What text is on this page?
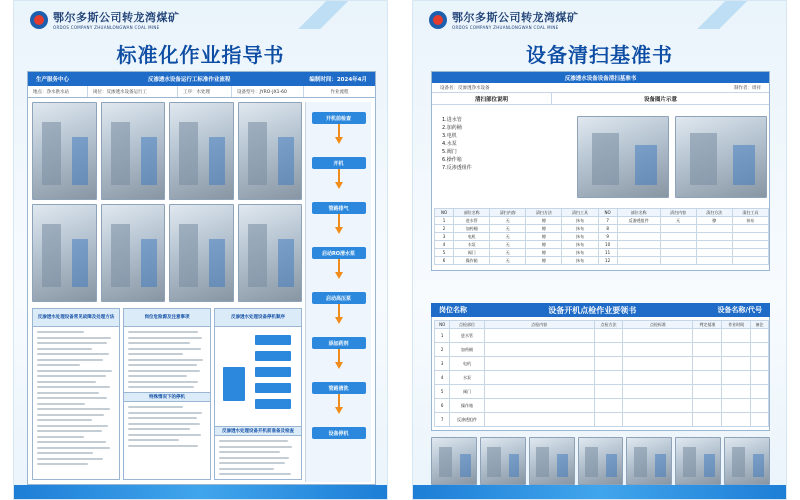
鄂尔多斯公司转龙湾煤矿
ORDOS COMPANY ZHUANLONGWAN COAL MINE
标准化作业指导书
生产服务中心	反渗透水设备运行工标准作业流程	编制时间：2024年4月
地点：净水供水站	岗位：反渗透水设备运行工	工序：水处理	设备型号：JYRO-JX1-60	作业流程
开机前检查
开机
管路排气
启动RO清水泵
启动高压泵
添加药剂
管路清洗
设备停机
反渗透水处理设备常见故障及处理方法	岗位危险源及注意事项
特殊情况下的停机
反渗透水处理设备停机顺序
反渗透水处理设备开机前准备及检查
鄂尔多斯公司转龙湾煤矿
ORDOS COMPANY ZHUANLONGWAN COAL MINE
设备清扫基准书
反渗透水设备设备清扫基准书
设备名：反渗透净水设备	制作者：周祥
清扫部位说明	设备图片示意
1.进水管
2.加药桶
3.电机
4.水泵
5.阀门
6.操作箱
7.反渗透组件
NO	部位名称	清扫内容	清扫方法	清扫工具	NO	部位名称	清扫内容	清扫方法	清扫工具
1	进水管	无	擦	抹布	7	反渗透组件	无	擦	抹布
2	加药桶	无	擦	抹布	8				
3	电机	无	擦	抹布	9				
4	水泵	无	擦	抹布	10				
5	阀门	无	擦	抹布	11				
6	操作箱	无	擦	抹布	12				
NO	点检部位	点检内容	点检方法	点检标准	判定基准	作业时间	备注
1	进水管						
2	加药桶						
3	电机						
4	水泵						
5	阀门						
6	操作箱						
7	反渗透组件						
岗位名称	设备开机点检作业要领书	设备名称/代号
